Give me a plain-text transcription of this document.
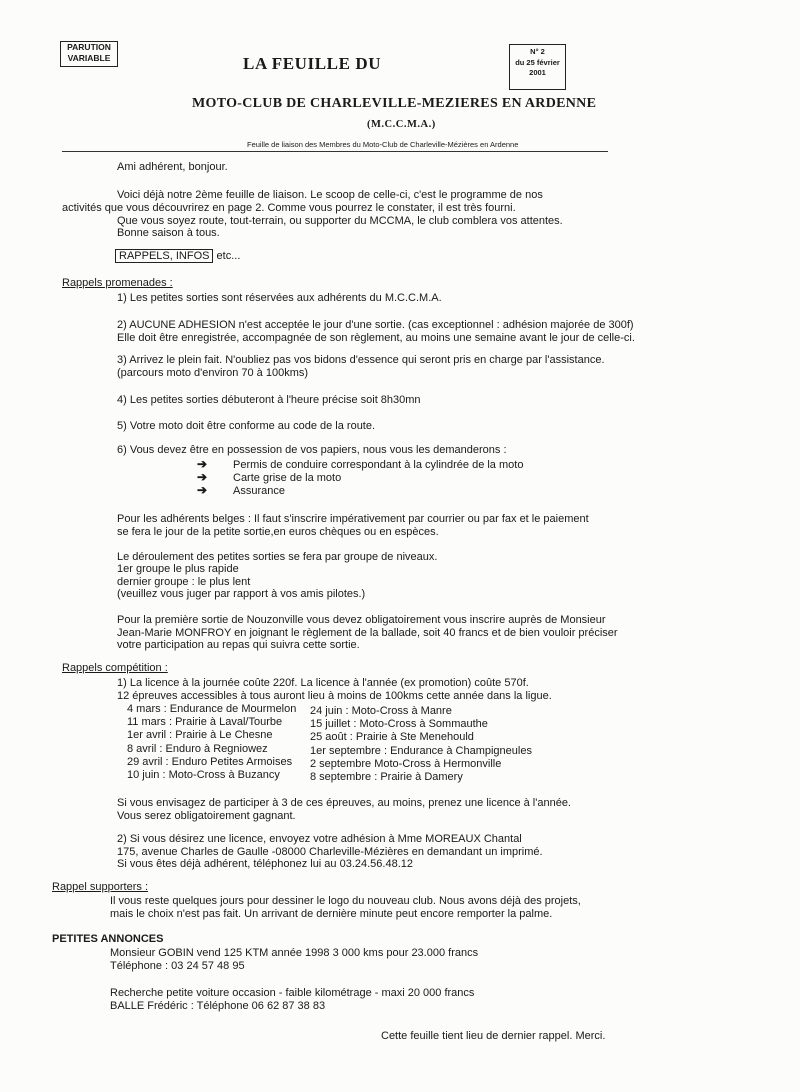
PARUTION
VARIABLE	LA FEUILLE DU
N° 2
du 25 février
2001
MOTO-CLUB DE CHARLEVILLE-MEZIERES EN ARDENNE
(M.C.C.M.A.)
Feuille de liaison des Membres du Moto-Club de Charleville-Mézières en Ardenne
Ami adhérent, bonjour.
Voici déjà notre 2ème feuille de liaison. Le scoop de celle-ci, c'est le programme de nos
activités que vous découvrirez en page 2. Comme vous pourrez le constater, il est très fourni.
Que vous soyez route, tout-terrain, ou supporter du MCCMA, le club comblera vos attentes.
Bonne saison à tous.
RAPPELS, INFOS etc...
Rappels promenades :
1) Les petites sorties sont réservées aux adhérents du M.C.C.M.A.
2) AUCUNE ADHESION n'est acceptée le jour d'une sortie. (cas exceptionnel : adhésion majorée de 300f)
Elle doit être enregistrée, accompagnée de son règlement, au moins une semaine avant le jour de celle-ci.
3) Arrivez le plein fait. N'oubliez pas vos bidons d'essence qui seront pris en charge par l'assistance.
(parcours moto d'environ 70 à 100kms)
4) Les petites sorties débuteront à l'heure précise soit 8h30mn
5) Votre moto doit être conforme au code de la route.
6) Vous devez être en possession de vos papiers, nous vous les demanderons :
➔ Permis de conduire correspondant à la cylindrée de la moto
➔ Carte grise de la moto
➔ Assurance
Pour les adhérents belges : Il faut s'inscrire impérativement par courrier ou par fax et le paiement
se fera le jour de la petite sortie,en euros chèques ou en espèces.
Le déroulement des petites sorties se fera par groupe de niveaux.
1er groupe le plus rapide
dernier groupe : le plus lent
(veuillez vous juger par rapport à vos amis pilotes.)
Pour la première sortie de Nouzonville vous devez obligatoirement vous inscrire auprès de Monsieur
Jean-Marie MONFROY en joignant le règlement de la ballade, soit 40 francs et de bien vouloir préciser
votre participation au repas qui suivra cette sortie.
Rappels compétition :
1) La licence à la journée coûte 220f. La licence à l'année (ex promotion) coûte 570f.
12 épreuves accessibles à tous auront lieu à moins de 100kms cette année dans la ligue.
4 mars : Endurance de Mourmelon
11 mars : Prairie à Laval/Tourbe
1er avril : Prairie à Le Chesne
8 avril : Enduro à Regniowez
29 avril : Enduro Petites Armoises
10 juin : Moto-Cross à Buzancy
24 juin : Moto-Cross à Manre
15 juillet : Moto-Cross à Sommauthe
25 août : Prairie à Ste Menehould
1er septembre : Endurance à Champigneules
2 septembre Moto-Cross à Hermonville
8 septembre : Prairie à Damery
Si vous envisagez de participer à 3 de ces épreuves, au moins, prenez une licence à l'année.
Vous serez obligatoirement gagnant.
2) Si vous désirez une licence, envoyez votre adhésion à Mme MOREAUX Chantal
175, avenue Charles de Gaulle -08000 Charleville-Mézières en demandant un imprimé.
Si vous êtes déjà adhérent, téléphonez lui au 03.24.56.48.12
Rappel supporters :
Il vous reste quelques jours pour dessiner le logo du nouveau club. Nous avons déjà des projets,
mais le choix n'est pas fait. Un arrivant de dernière minute peut encore remporter la palme.
PETITES ANNONCES
Monsieur GOBIN vend 125 KTM année 1998 3 000 kms pour 23.000 francs
Téléphone : 03 24 57 48 95
Recherche petite voiture occasion - faible kilométrage - maxi 20 000 francs
BALLE Frédéric : Téléphone 06 62 87 38 83
Cette feuille tient lieu de dernier rappel. Merci.
